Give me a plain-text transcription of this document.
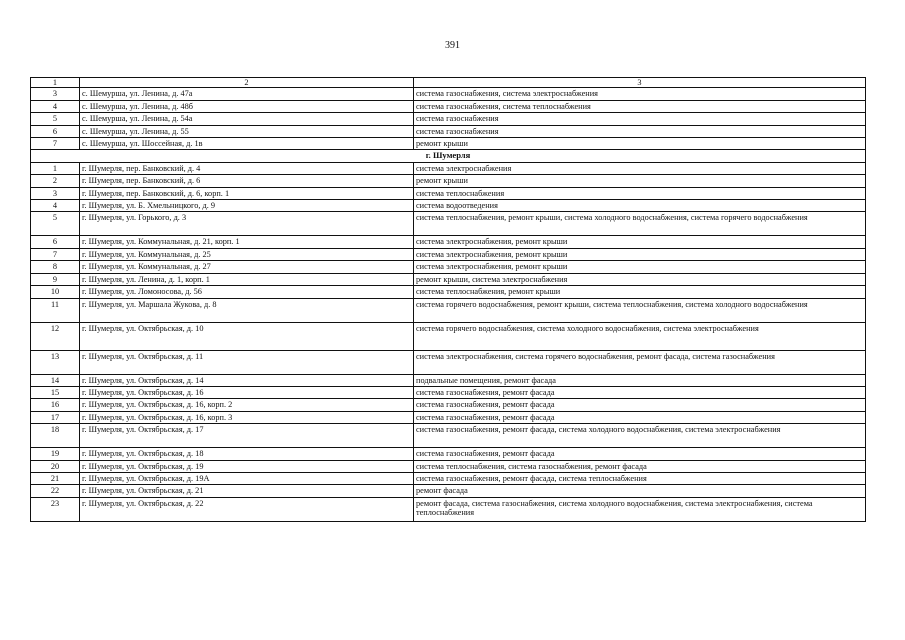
391
1	2	3
3	с. Шемурша, ул. Ленина, д. 47а	система газоснабжения, система электроснабжения
4	с. Шемурша, ул. Ленина, д. 48б	система газоснабжения, система теплоснабжения
5	с. Шемурша, ул. Ленина, д. 54а	система газоснабжения
6	с. Шемурша, ул. Ленина, д. 55	система газоснабжения
7	с. Шемурша, ул. Шоссейная, д. 1в	ремонт крыши
г. Шумерля		
1	г. Шумерля, пер. Банковский, д. 4	система электроснабжения
2	г. Шумерля, пер. Банковский, д. 6	ремонт крыши
3	г. Шумерля, пер. Банковский, д. 6, корп. 1	система теплоснабжения
4	г. Шумерля, ул. Б. Хмельницкого, д. 9	система водоотведения
5	г. Шумерля, ул. Горького, д. 3	система теплоснабжения, ремонт крыши, система холодного водоснабжения, система горячего водоснабжения
6	г. Шумерля, ул. Коммунальная, д. 21, корп. 1	система электроснабжения, ремонт крыши
7	г. Шумерля, ул. Коммунальная, д. 25	система электроснабжения, ремонт крыши
8	г. Шумерля, ул. Коммунальная, д. 27	система электроснабжения, ремонт крыши
9	г. Шумерля, ул. Ленина, д. 1, корп. 1	ремонт крыши, система электроснабжения
10	г. Шумерля, ул. Ломоносова, д. 56	система теплоснабжения, ремонт крыши
11	г. Шумерля, ул. Маршала Жукова, д. 8	система горячего водоснабжения, ремонт крыши, система теплоснабжения, система холодного водоснабжения
12	г. Шумерля, ул. Октябрьская, д. 10	система горячего водоснабжения, система холодного водоснабжения, система электроснабжения
13	г. Шумерля, ул. Октябрьская, д. 11	система электроснабжения, система горячего водоснабжения, ремонт фасада, система газоснабжения
14	г. Шумерля, ул. Октябрьская, д. 14	подвальные помещения, ремонт фасада
15	г. Шумерля, ул. Октябрьская, д. 16	система газоснабжения, ремонт фасада
16	г. Шумерля, ул. Октябрьская, д. 16, корп. 2	система газоснабжения, ремонт фасада
17	г. Шумерля, ул. Октябрьская, д. 16, корп. 3	система газоснабжения, ремонт фасада
18	г. Шумерля, ул. Октябрьская, д. 17	система газоснабжения, ремонт фасада, система холодного водоснабжения, система электроснабжения
19	г. Шумерля, ул. Октябрьская, д. 18	система газоснабжения, ремонт фасада
20	г. Шумерля, ул. Октябрьская, д. 19	система теплоснабжения, система газоснабжения, ремонт фасада
21	г. Шумерля, ул. Октябрьская, д. 19А	система газоснабжения, ремонт фасада, система теплоснабжения
22	г. Шумерля, ул. Октябрьская, д. 21	ремонт фасада
23	г. Шумерля, ул. Октябрьская, д. 22	ремонт фасада, система газоснабжения, система холодного водоснабжения, система электроснабжения, система теплоснабжения
